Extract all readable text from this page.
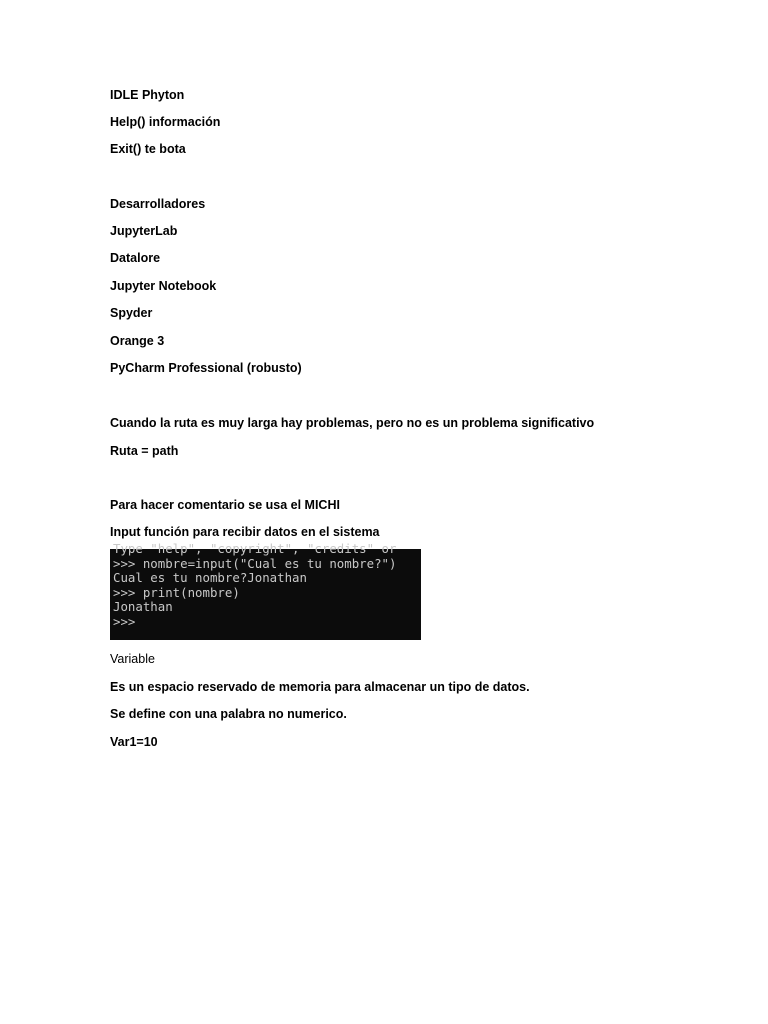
IDLE Phyton
Help() información
Exit() te bota
Desarrolladores
JupyterLab
Datalore
Jupyter Notebook
Spyder
Orange 3
PyCharm Professional (robusto)
Cuando la ruta es muy larga hay problemas, pero no es un problema significativo
Ruta = path
Para hacer comentario se usa el MICHI
Input función para recibir datos en el sistema
Type "help", "copyright", "credits" or
>>> nombre=input("Cual es tu nombre?")
Cual es tu nombre?Jonathan
>>> print(nombre)
Jonathan
>>>
Variable
Es un espacio reservado de memoria para almacenar un tipo de datos.
Se define con una palabra no numerico.
Var1=10
